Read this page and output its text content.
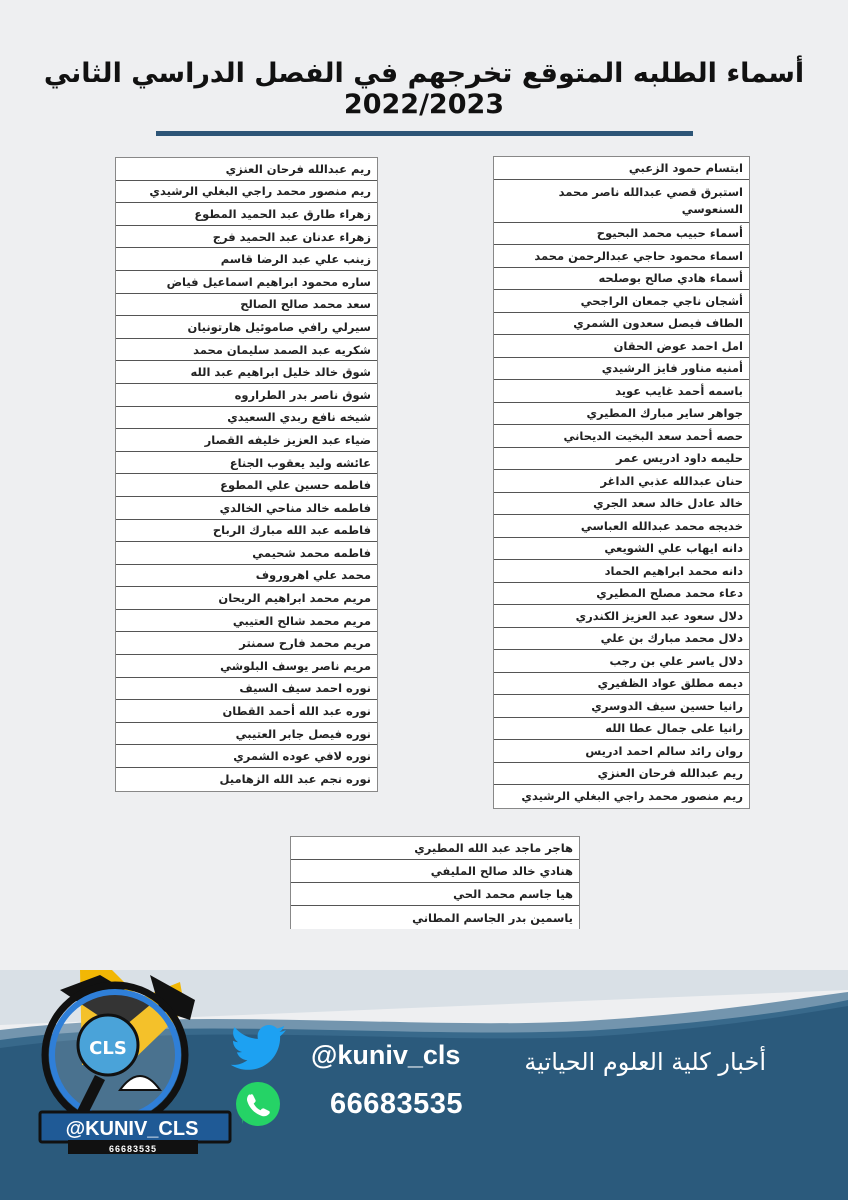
أسماء الطلبه المتوقع تخرجهم في الفصل الدراسي الثاني 2022/2023
ريم عبدالله فرحان العنزي
ريم منصور محمد راجي البغلي الرشيدي
زهراء طارق عبد الحميد المطوع
زهراء عدنان عبد الحميد فرج
زينب علي عبد الرضا قاسم
ساره محمود ابراهيم اسماعيل فياض
سعد محمد صالح الصالح
سيرلي رافي صاموئيل هارتونيان
شكريه عبد الصمد سليمان محمد
شوق خالد خليل ابراهيم عبد الله
شوق ناصر بدر الطراروه
شيخه نافع ربدي السعيدي
ضياء عبد العزيز خليفه القصار
عائشه وليد يعقوب الجناع
فاطمه حسين علي المطوع
فاطمه خالد مناحي الخالدي
فاطمه عبد الله مبارك الرباح
فاطمه محمد شحيمي
محمد علي اهروروف
مريم محمد ابراهيم الريحان
مريم محمد شالح العتيبي
مريم محمد فارح سمنتر
مريم ناصر يوسف البلوشي
نوره احمد سيف السيف
نوره عبد الله أحمد القطان
نوره فيصل جابر العتيبي
نوره لافي عوده الشمري
نوره نجم عبد الله الزهاميل
ابتسام حمود الزعبي
استبرق قصي عبدالله ناصر محمد السنعوسي
أسماء حبيب محمد البحيوح
اسماء محمود حاجي عبدالرحمن محمد
أسماء هادي صالح بوصلحه
أشجان ناجي جمعان الراجحي
الطاف فيصل سعدون الشمري
امل احمد عوض الحقان
أمنيه مناور فايز الرشيدي
باسمه أحمد غايب عويد
جواهر ساير مبارك المطيري
حصه أحمد سعد البخيت الديحاني
حليمه داود ادريس عمر
حنان عبدالله عذبي الداغر
خالد عادل خالد سعد الجري
خديجه محمد عبدالله العباسي
دانه ايهاب علي الشويعي
دانه محمد ابراهيم الحماد
دعاء محمد مصلح المطيري
دلال سعود عبد العزيز الكندري
دلال محمد مبارك بن علي
دلال ياسر علي بن رجب
ديمه مطلق عواد الظفيري
رانيا حسين سيف الدوسري
رانيا على جمال عطا الله
روان رائد سالم احمد ادريس
ريم عبدالله فرحان العنزي
ريم منصور محمد راجي البغلي الرشيدي
هاجر ماجد عبد الله المطيري
هنادي خالد صالح المليفي
هيا جاسم محمد الحي
ياسمين بدر الجاسم المطاني
CLS	@kuniv_cls
66683535
أخبار كلية العلوم الحياتية
@KUNIV_CLS
66683535
